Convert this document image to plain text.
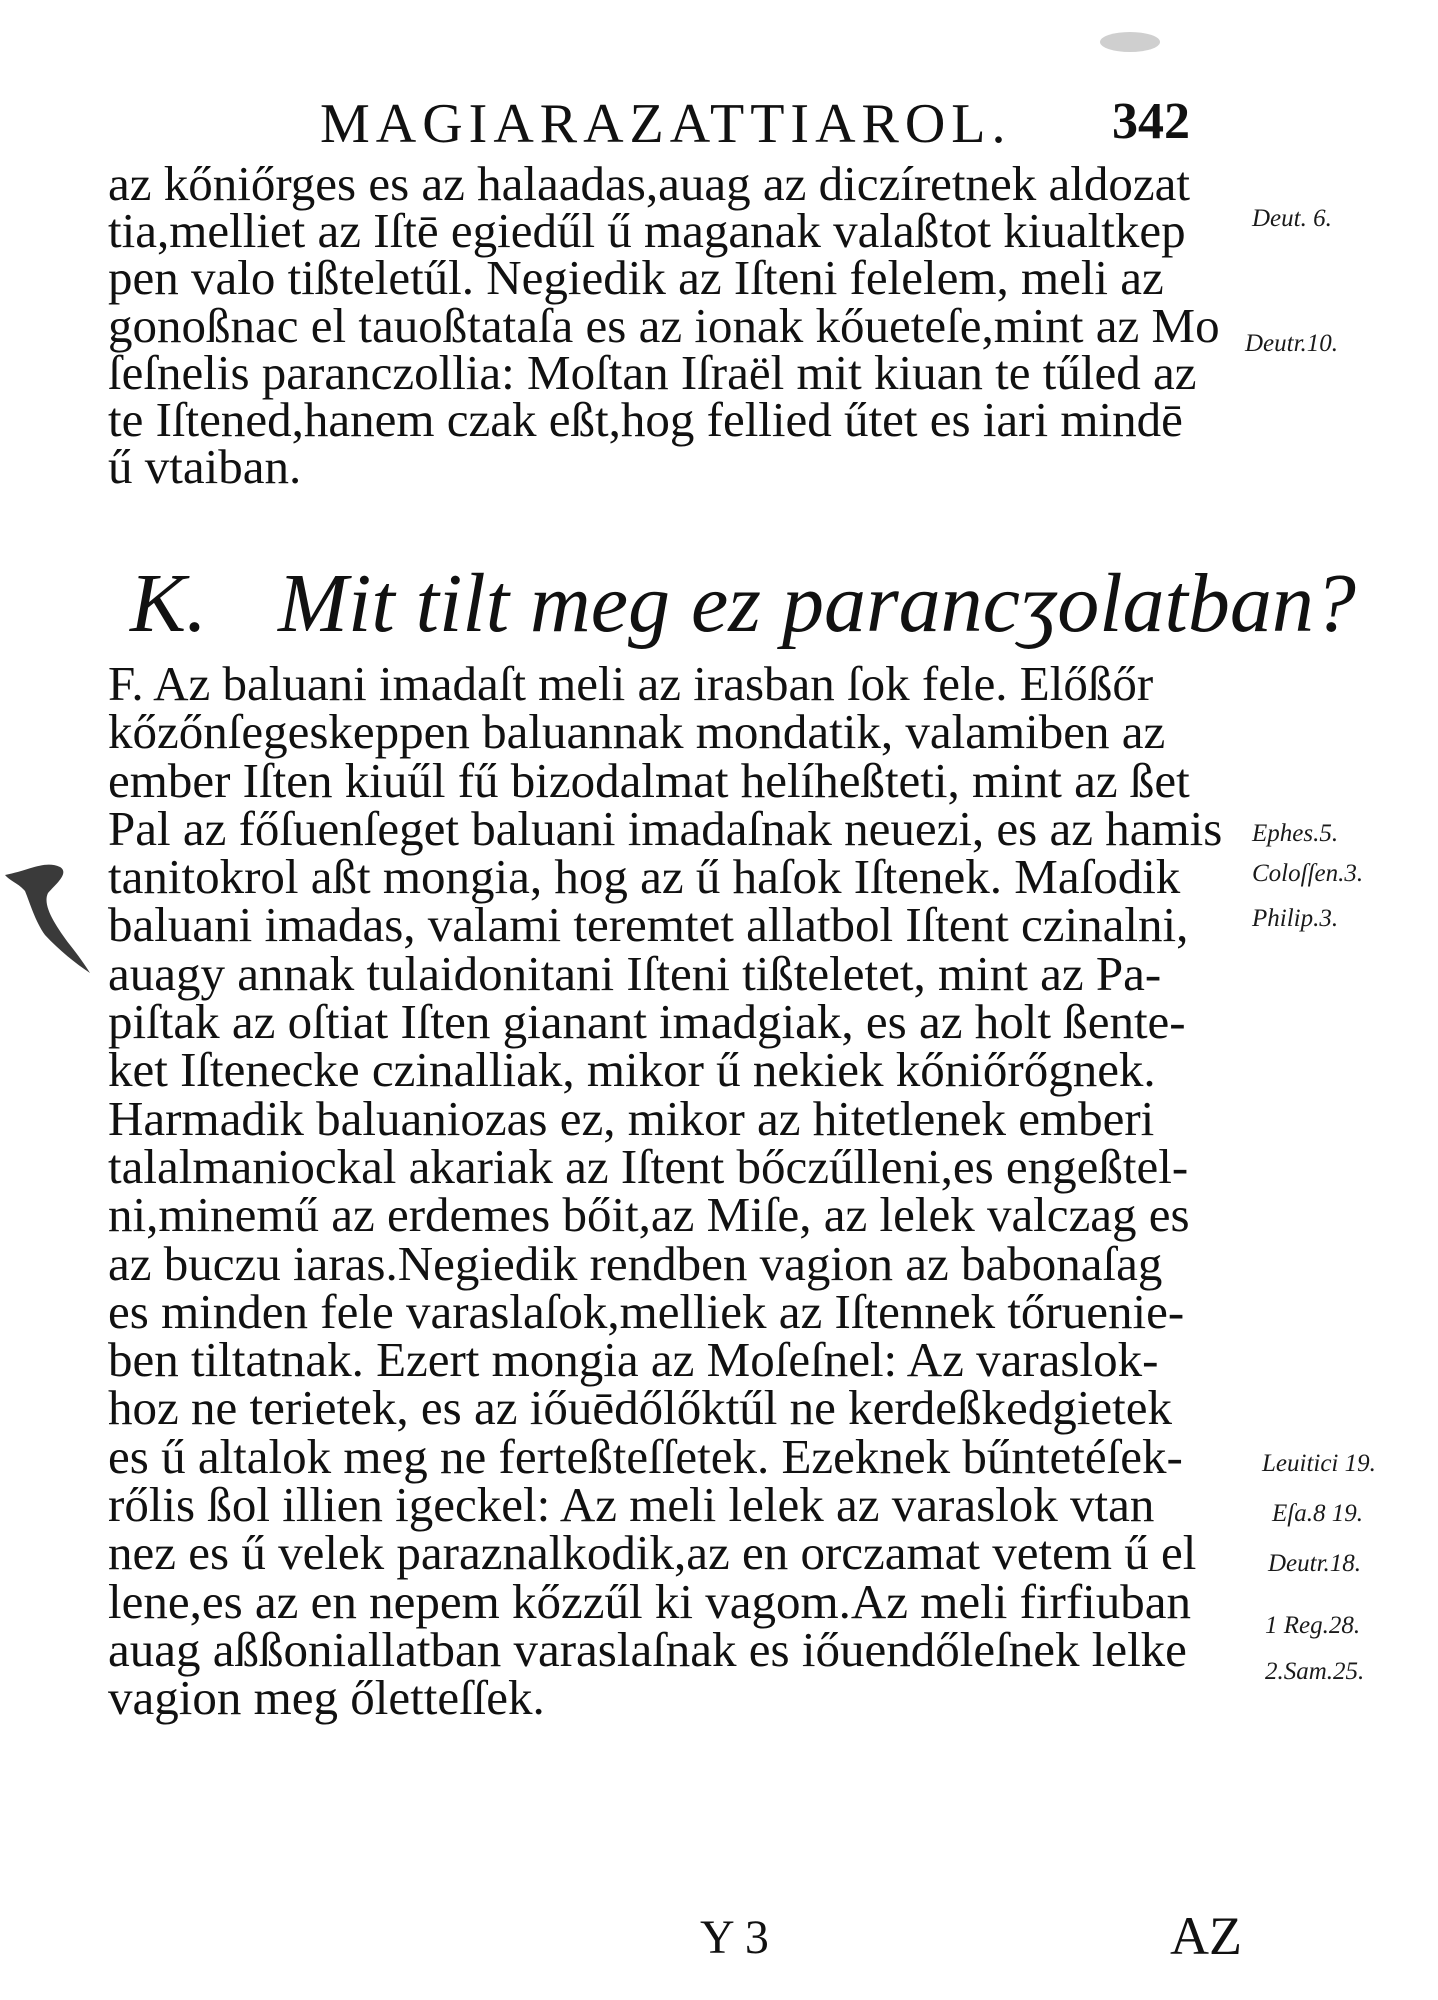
MAGIARAZATTIAROL. 342
az kőniőrges es az halaadas,auag az diczíretnek aldozat
tia,melliet az Iſtē egiedűl ű maganak valaßtot kiualtkep
pen valo tißteletűl. Negiedik az Iſteni felelem, meli az
gonoßnac el tauoßtataſa es az ionak kőueteſe,mint az Mo
ſeſnelis paranczollia: Moſtan Iſraël mit kiuan te tűled az
te Iſtened,hanem czak eßt,hog fellied űtet es iari mindē
ű vtaiban.
K. Mit tilt meg ez parancʒolatban?
F. Az baluani imadaſt meli az irasban ſok fele. Előßőr
kőzőnſegeskeppen baluannak mondatik, valamiben az
ember Iſten kiuűl fű bizodalmat helíheßteti, mint az ßet
Pal az főſuenſeget baluani imadaſnak neuezi, es az hamis
tanitokrol aßt mongia, hog az ű haſok Iſtenek. Maſodik
baluani imadas, valami teremtet allatbol Iſtent czinalni,
auagy annak tulaidonitani Iſteni tißteletet, mint az Pa-
piſtak az oſtiat Iſten gianant imadgiak, es az holt ßente-
ket Iſtenecke czinalliak, mikor ű nekiek kőniőrőgnek.
Harmadik baluaniozas ez, mikor az hitetlenek emberi
talalmaniockal akariak az Iſtent bőczűlleni,es engeßtel-
ni,minemű az erdemes bőit,az Miſe, az lelek valczag es
az buczu iaras.Negiedik rendben vagion az babonaſag
es minden fele varaslaſok,melliek az Iſtennek tőruenie-
ben tiltatnak. Ezert mongia az Moſeſnel: Az varaslok-
hoz ne terietek, es az iőuēdőlőktűl ne kerdeßkedgietek
es ű altalok meg ne ferteßteſſetek. Ezeknek bűntetéſek-
rőlis ßol illien igeckel: Az meli lelek az varaslok vtan
nez es ű velek paraznalkodik,az en orczamat vetem ű el
lene,es az en nepem kőzzűl ki vagom.Az meli firfiuban
auag aßßoniallatban varaslaſnak es iőuendőleſnek lelke
vagion meg őletteſſek.
Deut. 6.
Deutr.10.
Ephes.5.
Coloſſen.3.
Philip.3.
Leuitici 19.
Eſa.8 19.
Deutr.18.
1 Reg.28.
2.Sam.25.
Y 3	AZ
